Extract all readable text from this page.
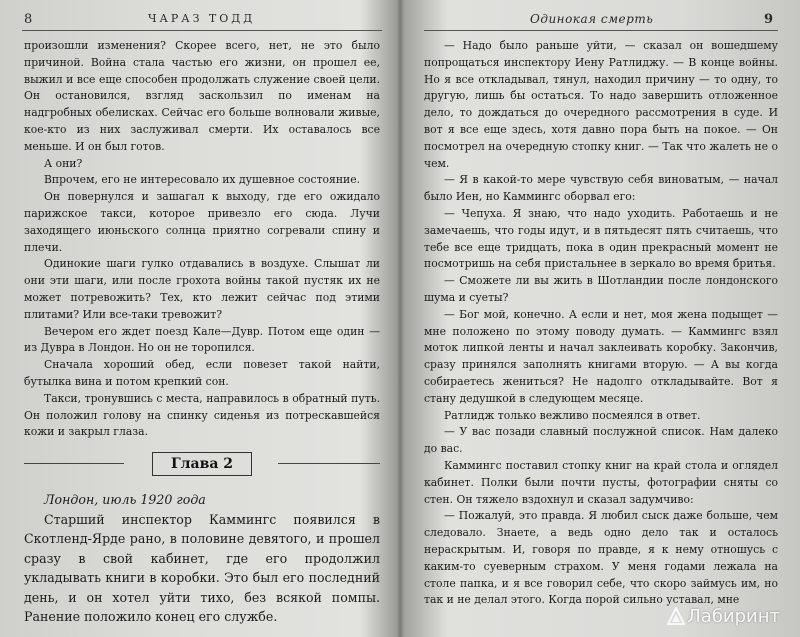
8	ЧАРАЗ ТОДД

произошли изменения? Скорее всего, нет, не это было причиной. Война стала частью его жизни, он прошел ее, выжил и все еще способен продолжать служение своей цели. Он остановился, взгляд заскользил по именам на надгробных обелисках. Сейчас его больше волновали живые, кое-кто из них заслуживал смерти. Их оставалось все меньше. И он был готов.

А они?

Впрочем, его не интересовало их душевное состояние.

Он повернулся и зашагал к выходу, где его ожидало парижское такси, которое привезло его сюда. Лучи заходящего июньского солнца приятно согревали спину и плечи.

Одинокие шаги гулко отдавались в воздухе. Слышат ли они эти шаги, или после грохота войны такой пустяк их не может потревожить? Тех, кто лежит сейчас под этими плитами? Или все-таки тревожит?

Вечером его ждет поезд Кале—Дувр. Потом еще один — из Дувра в Лондон. Но он не торопился.

Сначала хороший обед, если повезет такой найти, бутылка вина и потом крепкий сон.

Такси, тронувшись с места, направилось в обратный путь. Он положил голову на спинку сиденья из потрескавшейся кожи и закрыл глаза.

Глава 2

Лондон, июль 1920 года

Старший инспектор Каммингс появился в Скотленд-Ярде рано, в половине девятого, и прошел сразу в свой кабинет, где его продолжил укладывать книги в коробки. Это был его последний день, и он хотел уйти тихо, без всякой помпы. Ранение положило конец его службе.

Одинокая смерть	9

— Надо было раньше уйти, — сказал он вошедшему попрощаться инспектору Иену Ратлиджу. — В конце войны. Но я все откладывал, тянул, находил причину — то одну, то другую, лишь бы остаться. То надо завершить отложенное дело, то дождаться до очередного рассмотрения в суде. И вот я все еще здесь, хотя давно пора быть на покое. — Он посмотрел на очередную стопку книг. — Так что жалеть не о чем.

— Я в какой-то мере чувствую себя виноватым, — начал было Иен, но Каммингс оборвал его:

— Чепуха. Я знаю, что надо уходить. Работаешь и не замечаешь, что годы идут, и в пятьдесят пять считаешь, что тебе все еще тридцать, пока в один прекрасный момент не посмотришь на себя пристальнее в зеркало во время бритья.

— Сможете ли вы жить в Шотландии после лондонского шума и суеты?

— Бог мой, конечно. А если и нет, моя жена подыщет — мне положено по этому поводу думать. — Каммингс взял моток липкой ленты и начал заклеивать коробку. Закончив, сразу принялся заполнять книгами вторую. — А вы когда собираетесь жениться? Не надолго откладывайте. Вот я стану дедушкой в следующем месяце.

Ратлидж только вежливо посмеялся в ответ.

— У вас позади славный послужной список. Нам далеко до вас.

Каммингс поставил стопку книг на край стола и оглядел кабинет. Полки были почти пусты, фотографии сняты со стен. Он тяжело вздохнул и сказал задумчиво:

— Пожалуй, это правда. Я любил сыск даже больше, чем следовало. Знаете, а ведь одно дело так и осталось нераскрытым. И, говоря по правде, я к нему отношусь с каким-то суеверным страхом. У меня годами лежала на столе папка, и я все говорил себе, что скоро займусь им, но так и не делал этого. Когда порой сильно уставал, мне

Лабиринт
